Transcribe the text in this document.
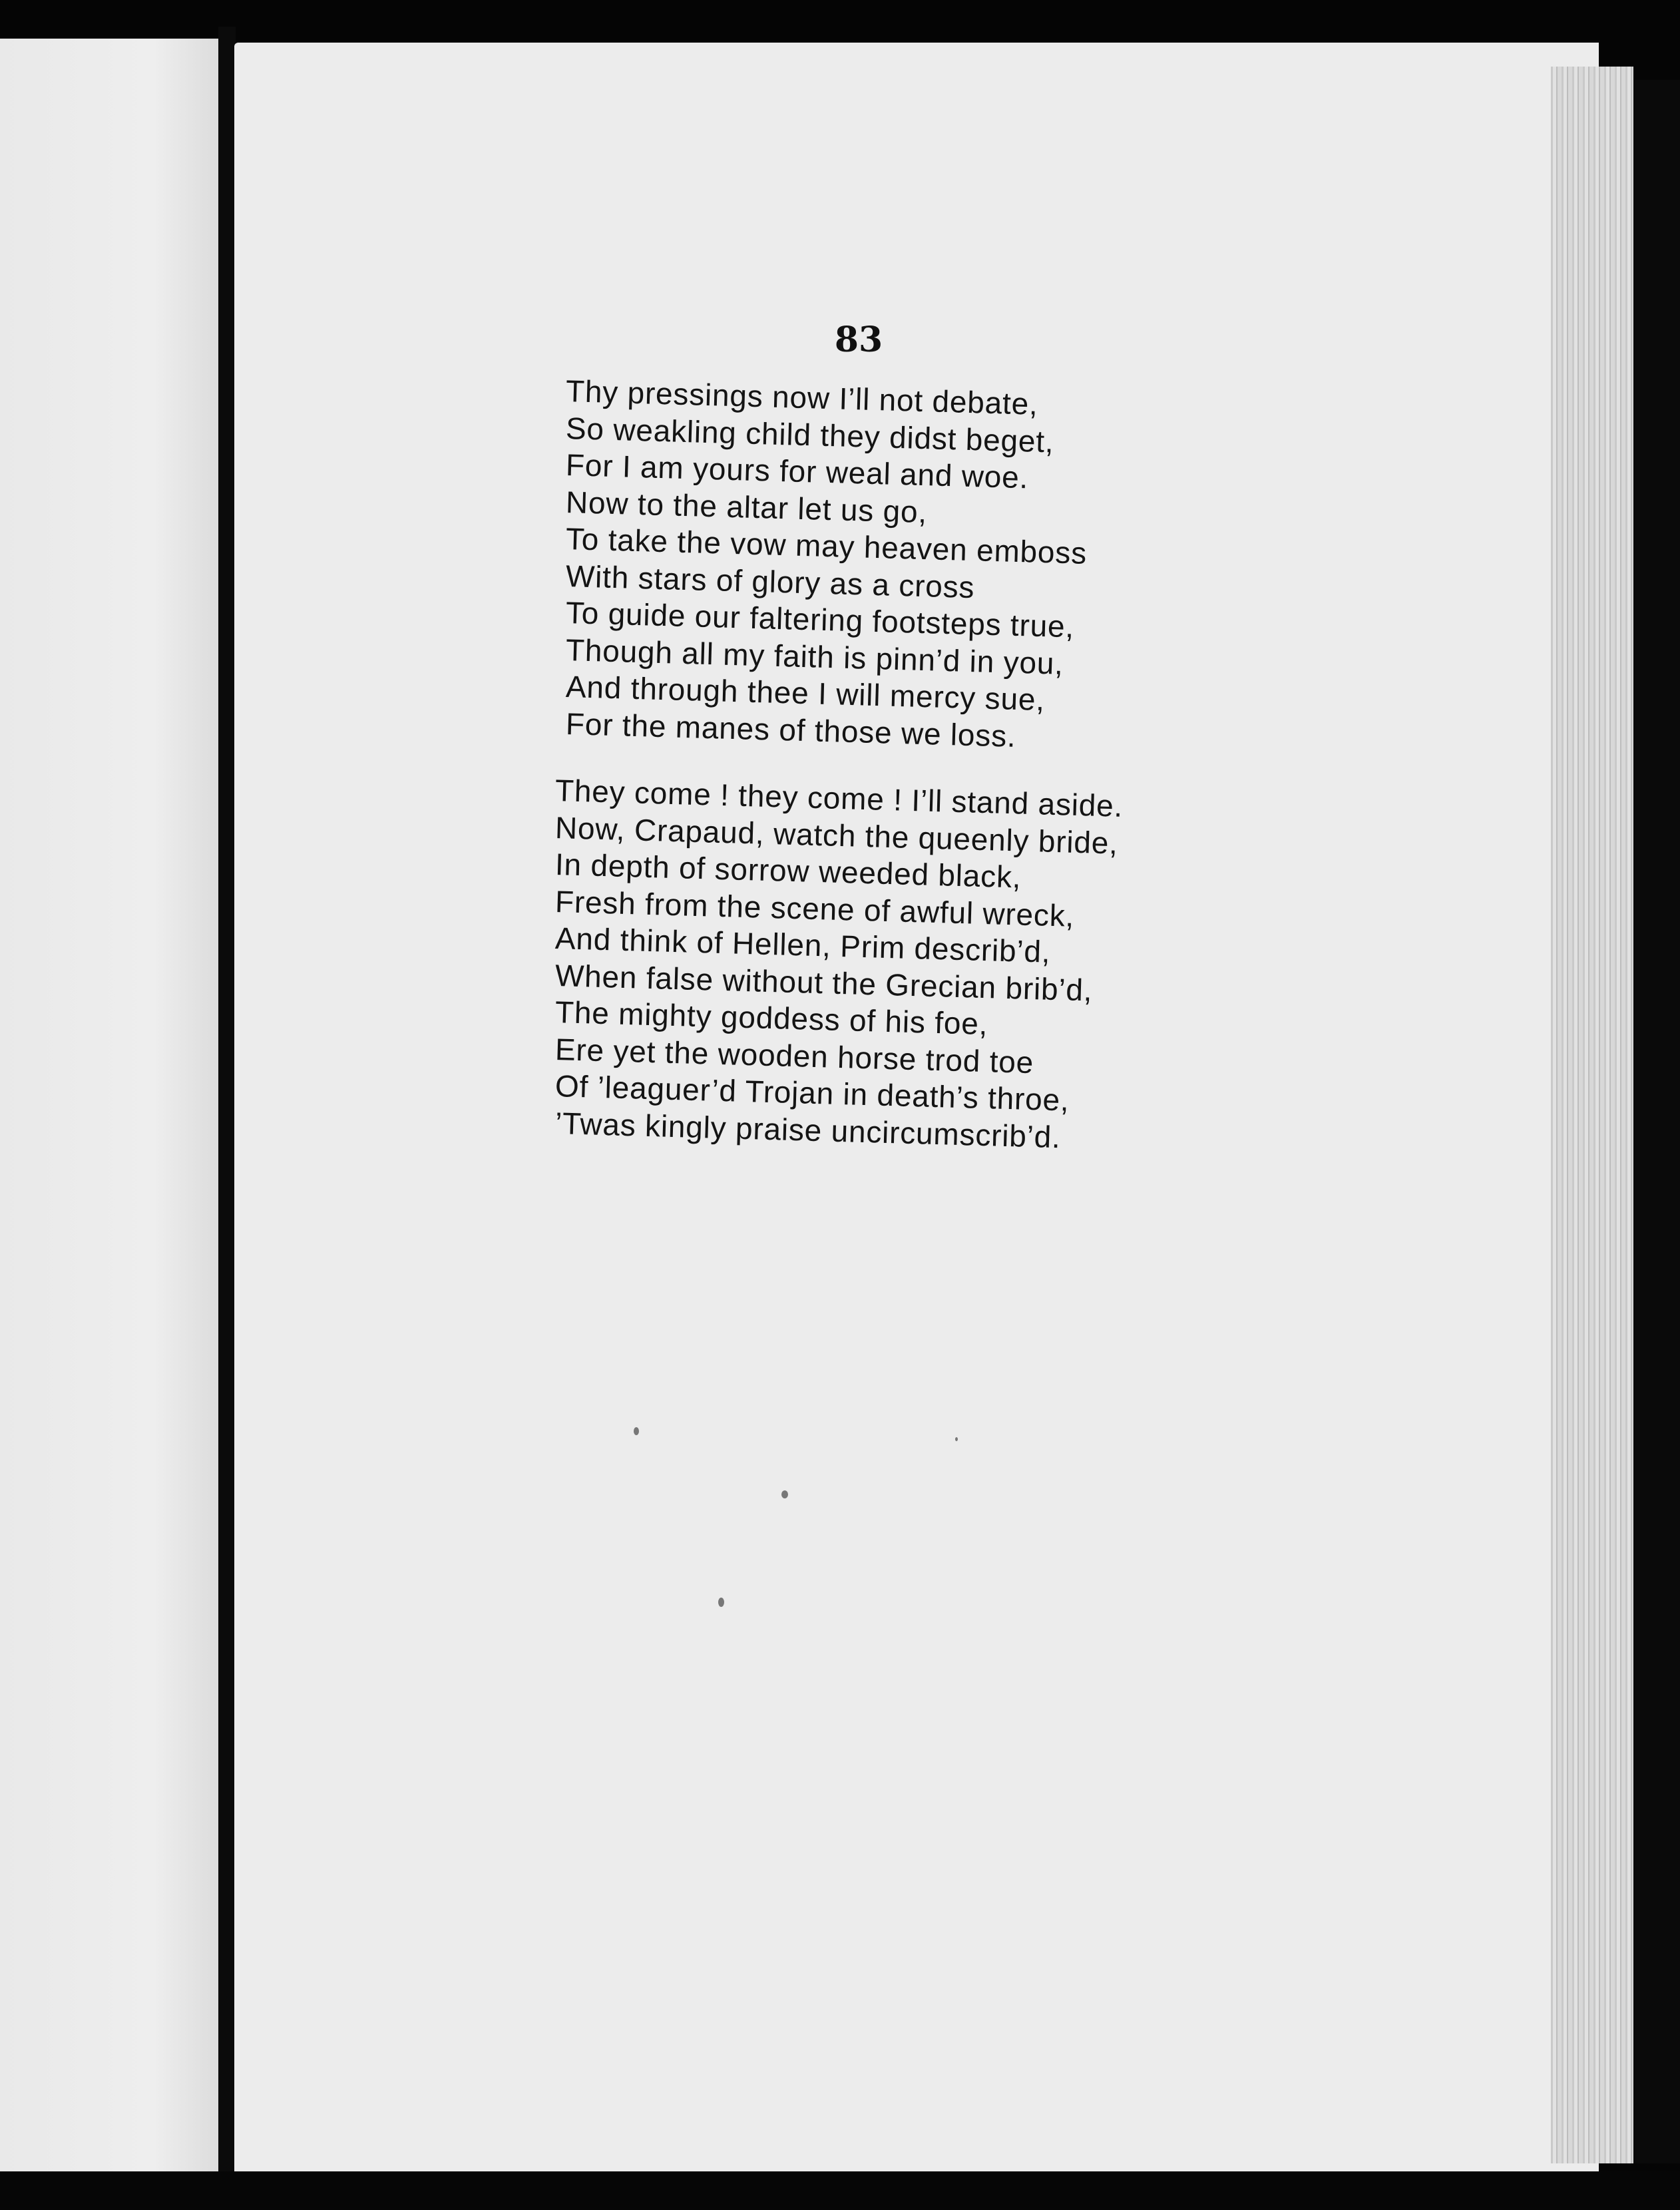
83
Thy pressings now I’ll not debate,
So weakling child they didst beget,
For I am yours for weal and woe.
Now to the altar let us go,
To take the vow may heaven emboss
With stars of glory as a cross
To guide our faltering footsteps true,
Though all my faith is pinn’d in you,
And through thee I will mercy sue,
For the manes of those we loss.
They come ! they come ! I’ll stand aside.
Now, Crapaud, watch the queenly bride,
In depth of sorrow weeded black,
Fresh from the scene of awful wreck,
And think of Hellen, Prim describ’d,
When false without the Grecian brib’d,
The mighty goddess of his foe,
Ere yet the wooden horse trod toe
Of ’leaguer’d Trojan in death’s throe,
’Twas kingly praise uncircumscrib’d.
